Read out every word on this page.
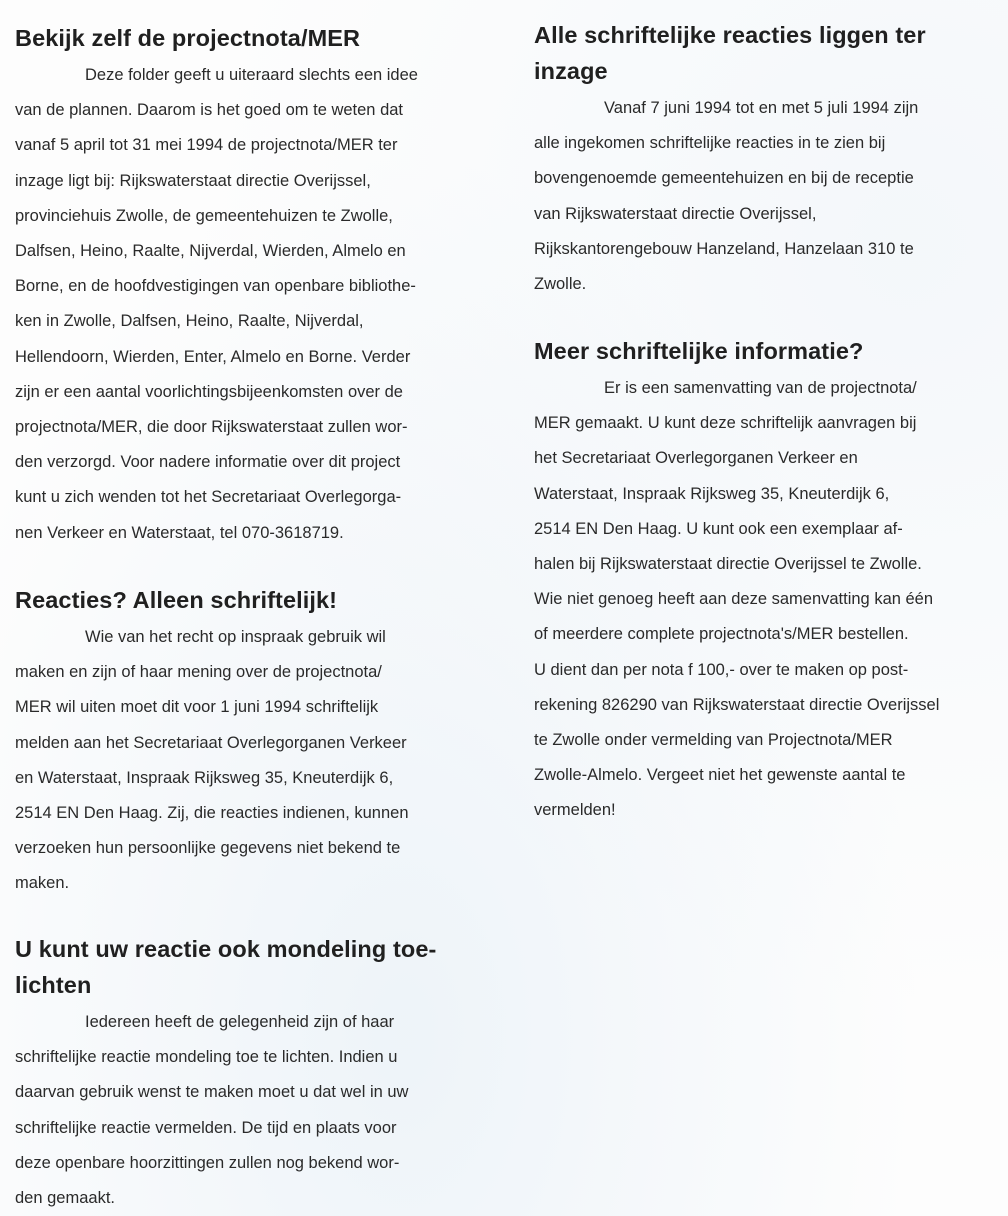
Bekijk zelf de projectnota/MER
Deze folder geeft u uiteraard slechts een idee
van de plannen. Daarom is het goed om te weten dat
vanaf 5 april tot 31 mei 1994 de projectnota/MER ter
inzage ligt bij: Rijkswaterstaat directie Overijssel,
provinciehuis Zwolle, de gemeentehuizen te Zwolle,
Dalfsen, Heino, Raalte, Nijverdal, Wierden, Almelo en
Borne, en de hoofdvestigingen van openbare bibliothe-
ken in Zwolle, Dalfsen, Heino, Raalte, Nijverdal,
Hellendoorn, Wierden, Enter, Almelo en Borne. Verder
zijn er een aantal voorlichtingsbijeenkomsten over de
projectnota/MER, die door Rijkswaterstaat zullen wor-
den verzorgd. Voor nadere informatie over dit project
kunt u zich wenden tot het Secretariaat Overlegorga-
nen Verkeer en Waterstaat, tel 070-3618719.
Reacties? Alleen schriftelijk!
Wie van het recht op inspraak gebruik wil
maken en zijn of haar mening over de projectnota/
MER wil uiten moet dit voor 1 juni 1994 schriftelijk
melden aan het Secretariaat Overlegorganen Verkeer
en Waterstaat, Inspraak Rijksweg 35, Kneuterdijk 6,
2514 EN Den Haag. Zij, die reacties indienen, kunnen
verzoeken hun persoonlijke gegevens niet bekend te
maken.
U kunt uw reactie ook mondeling toe-
lichten
Iedereen heeft de gelegenheid zijn of haar
schriftelijke reactie mondeling toe te lichten. Indien u
daarvan gebruik wenst te maken moet u dat wel in uw
schriftelijke reactie vermelden. De tijd en plaats voor
deze openbare hoorzittingen zullen nog bekend wor-
den gemaakt.
Alle schriftelijke reacties liggen ter
inzage
Vanaf 7 juni 1994 tot en met 5 juli 1994 zijn
alle ingekomen schriftelijke reacties in te zien bij
bovengenoemde gemeentehuizen en bij de receptie
van Rijkswaterstaat directie Overijssel,
Rijkskantorengebouw Hanzeland, Hanzelaan 310 te
Zwolle.
Meer schriftelijke informatie?
Er is een samenvatting van de projectnota/
MER gemaakt. U kunt deze schriftelijk aanvragen bij
het Secretariaat Overlegorganen Verkeer en
Waterstaat, Inspraak Rijksweg 35, Kneuterdijk 6,
2514 EN Den Haag. U kunt ook een exemplaar af-
halen bij Rijkswaterstaat directie Overijssel te Zwolle.
Wie niet genoeg heeft aan deze samenvatting kan één
of meerdere complete projectnota's/MER bestellen.
U dient dan per nota f 100,- over te maken op post-
rekening 826290 van Rijkswaterstaat directie Overijssel
te Zwolle onder vermelding van Projectnota/MER
Zwolle-Almelo. Vergeet niet het gewenste aantal te
vermelden!
